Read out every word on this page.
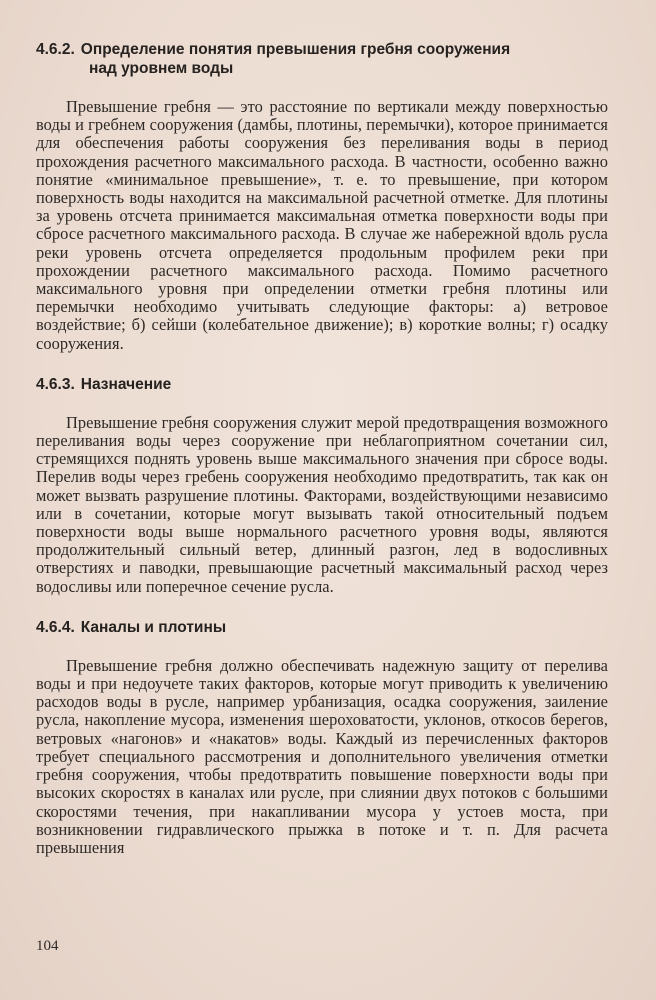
4.6.2. Определение понятия превышения гребня сооружения
над уровнем воды

Превышение гребня — это расстояние по вертикали между поверхностью воды и гребнем сооружения (дамбы, плотины, перемычки), которое принимается для обеспечения работы сооружения без переливания воды в период прохождения расчетного максимального расхода. В частности, особенно важно понятие «минимальное превышение», т. е. то превышение, при котором поверхность воды находится на максимальной расчетной отметке. Для плотины за уровень отсчета принимается максимальная отметка поверхности воды при сбросе расчетного максимального расхода. В случае же набережной вдоль русла реки уровень отсчета определяется продольным профилем реки при прохождении расчетного максимального расхода. Помимо расчетного максимального уровня при определении отметки гребня плотины или перемычки необходимо учитывать следующие факторы: а) ветровое воздействие; б) сейши (колебательное движение); в) короткие волны; г) осадку сооружения.

4.6.3. Назначение

Превышение гребня сооружения служит мерой предотвращения возможного переливания воды через сооружение при неблагоприятном сочетании сил, стремящихся поднять уровень выше максимального значения при сбросе воды. Перелив воды через гребень сооружения необходимо предотвратить, так как он может вызвать разрушение плотины. Факторами, воздействующими независимо или в сочетании, которые могут вызывать такой относительный подъем поверхности воды выше нормального расчетного уровня воды, являются продолжительный сильный ветер, длинный разгон, лед в водосливных отверстиях и паводки, превышающие расчетный максимальный расход через водосливы или поперечное сечение русла.

4.6.4. Каналы и плотины

Превышение гребня должно обеспечивать надежную защиту от перелива воды и при недоучете таких факторов, которые могут приводить к увеличению расходов воды в русле, например урбанизация, осадка сооружения, заиление русла, накопление мусора, изменения шероховатости, уклонов, откосов берегов, ветровых «нагонов» и «накатов» воды. Каждый из перечисленных факторов требует специального рассмотрения и дополнительного увеличения отметки гребня сооружения, чтобы предотвратить повышение поверхности воды при высоких скоростях в каналах или русле, при слиянии двух потоков с большими скоростями течения, при накапливании мусора у устоев моста, при возникновении гидравлического прыжка в потоке и т. п. Для расчета превышения

104
